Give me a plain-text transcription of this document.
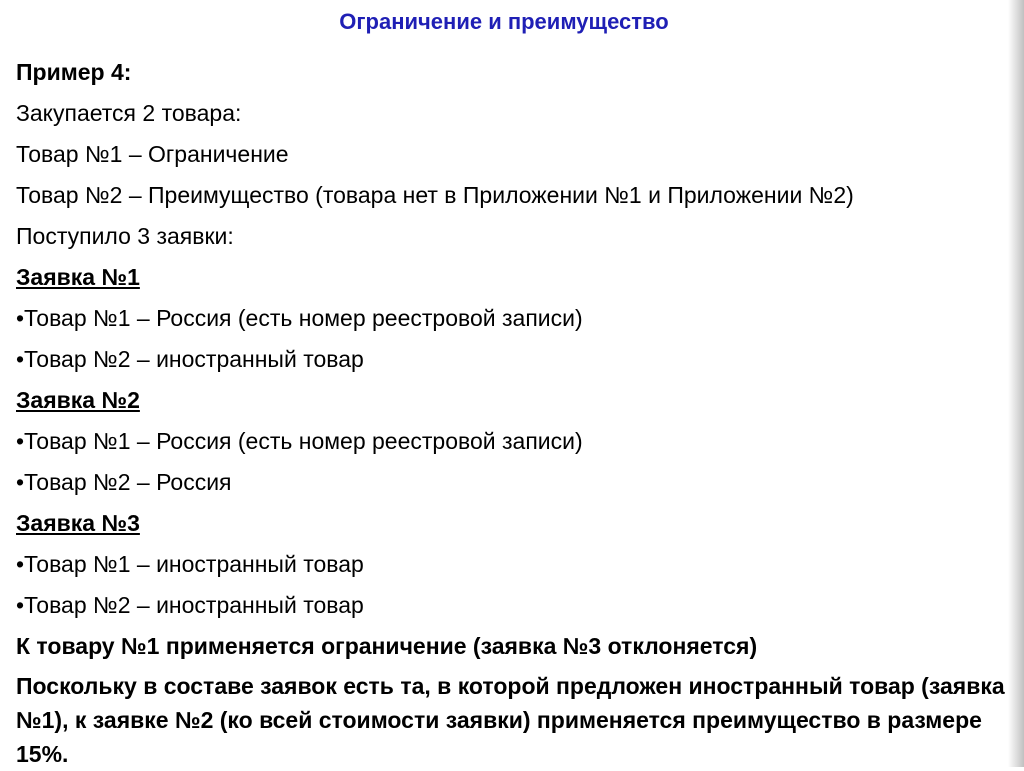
Ограничение и преимущество
Пример 4:
Закупается 2 товара:
Товар №1 – Ограничение
Товар №2 – Преимущество (товара нет в Приложении №1 и Приложении №2)
Поступило 3 заявки:
Заявка №1
•Товар №1 – Россия (есть номер реестровой записи)
•Товар №2 – иностранный товар
Заявка №2
•Товар №1 – Россия (есть номер реестровой записи)
•Товар №2 – Россия
Заявка №3
•Товар №1 – иностранный товар
•Товар №2 – иностранный товар
К товару №1 применяется ограничение (заявка №3 отклоняется)
Поскольку в составе заявок есть та, в которой предложен иностранный товар (заявка №1), к заявке №2 (ко всей стоимости заявки) применяется преимущество в размере 15%.
